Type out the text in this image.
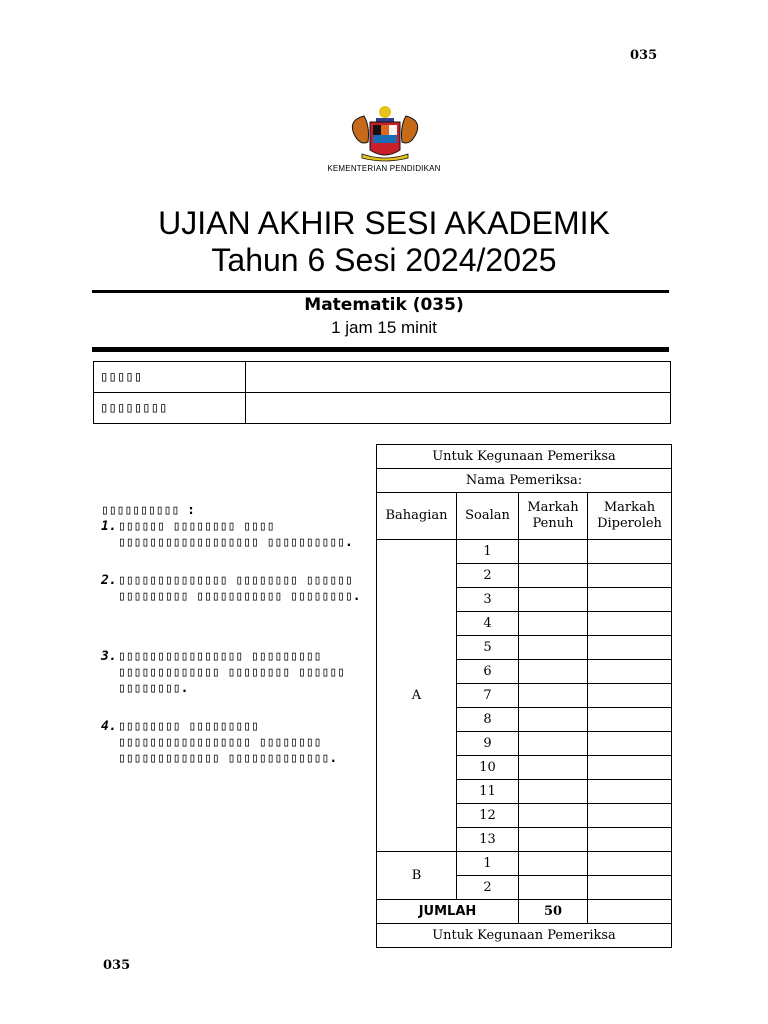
035
KEMENTERIAN PENDIDIKAN
UJIAN AKHIR SESI AKADEMIK
Tahun 6 Sesi 2024/2025
Matematik (035)
1 jam 15 minit
▯▯▯▯▯	
▯▯▯▯▯▯▯▯	
▯▯▯▯▯▯▯▯▯▯ :
1. ▯▯▯▯▯▯ ▯▯▯▯▯▯▯▯ ▯▯▯▯ ▯▯▯▯▯▯▯▯▯▯▯▯▯▯▯▯▯▯ ▯▯▯▯▯▯▯▯▯▯.
2. ▯▯▯▯▯▯▯▯▯▯▯▯▯▯ ▯▯▯▯▯▯▯▯ ▯▯▯▯▯▯ ▯▯▯▯▯▯▯▯▯ ▯▯▯▯▯▯▯▯▯▯▯ ▯▯▯▯▯▯▯▯.
3. ▯▯▯▯▯▯▯▯▯▯▯▯▯▯▯▯ ▯▯▯▯▯▯▯▯▯ ▯▯▯▯▯▯▯▯▯▯▯▯▯ ▯▯▯▯▯▯▯▯ ▯▯▯▯▯▯ ▯▯▯▯▯▯▯▯.
4. ▯▯▯▯▯▯▯▯ ▯▯▯▯▯▯▯▯▯ ▯▯▯▯▯▯▯▯▯▯▯▯▯▯▯▯▯ ▯▯▯▯▯▯▯▯ ▯▯▯▯▯▯▯▯▯▯▯▯▯ ▯▯▯▯▯▯▯▯▯▯▯▯▯.
Untuk Kegunaan Pemeriksa			
Nama Pemeriksa:			
Bahagian	Soalan	Markah Penuh	Markah Diperoleh
A	1		
	2		
	3		
	4		
	5		
	6		
	7		
	8		
	9		
	10		
	11		
	12		
	13		
B	1		
	2		
JUMLAH		50	
Untuk Kegunaan Pemeriksa			
035
